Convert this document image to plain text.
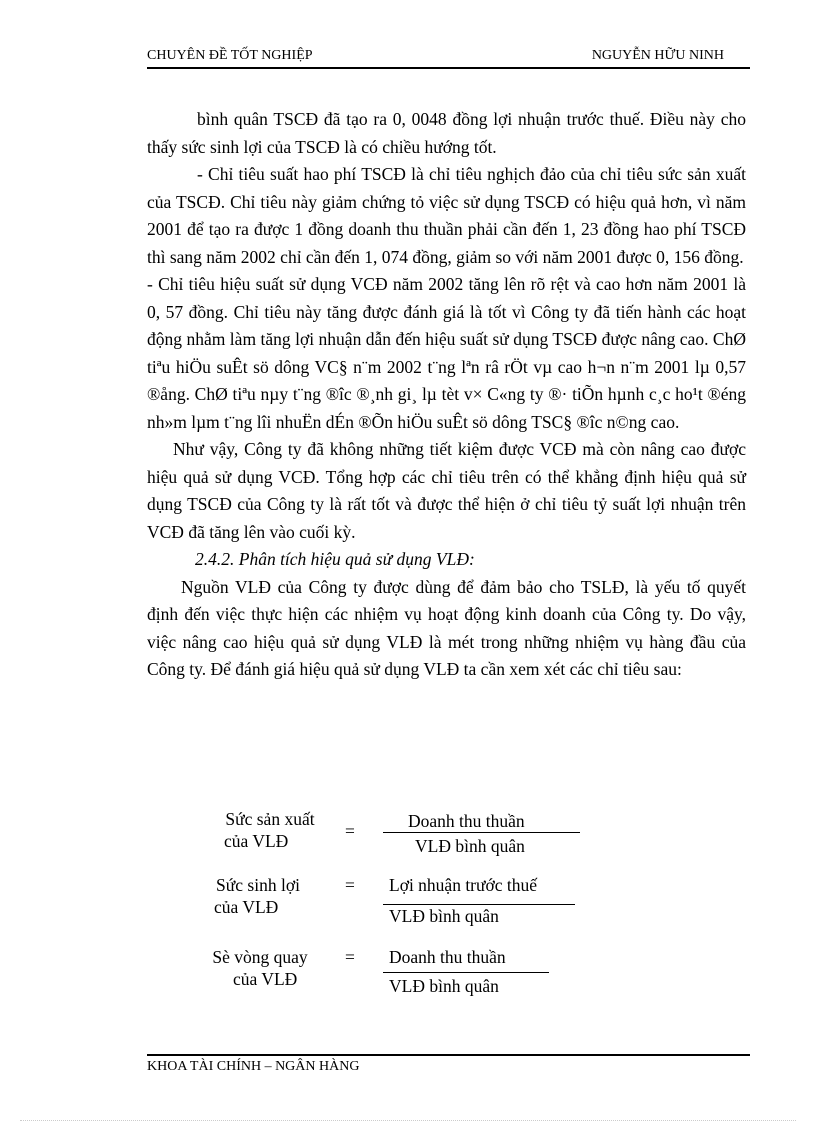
CHUYÊN ĐỀ TỐT NGHIỆP	NGUYỄN HỮU NINH

bình quân TSCĐ đã tạo ra 0, 0048 đồng lợi nhuận trước thuế. Điều này cho thấy sức sinh lợi của TSCĐ là có chiều hướng tốt.

- Chỉ tiêu suất hao phí TSCĐ là chỉ tiêu nghịch đảo của chỉ tiêu sức sản xuất của TSCĐ. Chỉ tiêu này giảm chứng tỏ việc sử dụng TSCĐ có hiệu quả hơn, vì năm 2001 để tạo ra được 1 đồng doanh thu thuần phải cần đến 1, 23 đồng hao phí TSCĐ thì sang năm 2002 chỉ cần đến 1, 074 đồng, giảm so với năm 2001 được 0, 156 đồng.

- Chỉ tiêu hiệu suất sử dụng VCĐ năm 2002 tăng lên rõ rệt và cao hơn năm 2001 là 0, 57 đồng. Chỉ tiêu này tăng được đánh giá là tốt vì Công ty đã tiến hành các hoạt động nhằm làm tăng lợi nhuận dẫn đến hiệu suất sử dụng TSCĐ được nâng cao. ChØ tiªu hiÖu suÊt sö dông VC§ n¨m 2002 t¨ng lªn râ rÖt vµ cao h¬n n¨m 2001 lµ 0,57 ®ång. ChØ tiªu nµy t¨ng ®îc ®¸nh gi¸ lµ tèt v× C«ng ty ®· tiÕn hµnh c¸c ho¹t ®éng nh»m lµm t¨ng lîi nhuËn dÉn ®Õn hiÖu suÊt sö dông TSC§ ®îc n©ng cao.

Như vậy, Công ty đã không những tiết kiệm được VCĐ mà còn nâng cao được hiệu quả sử dụng VCĐ. Tổng hợp các chỉ tiêu trên có thể khẳng định hiệu quả sử dụng TSCĐ của Công ty là rất tốt và được thể hiện ở chỉ tiêu tỷ suất lợi nhuận trên VCĐ đã tăng lên vào cuối kỳ.

2.4.2. Phân tích hiệu quả sử dụng VLĐ:

Nguồn VLĐ của Công ty được dùng để đảm bảo cho TSLĐ, là yếu tố quyết định đến việc thực hiện các nhiệm vụ hoạt động kinh doanh của Công ty. Do vậy, việc nâng cao hiệu quả sử dụng VLĐ là mét trong những nhiệm vụ hàng đầu của Công ty. Để đánh giá hiệu quả sử dụng VLĐ ta cần xem xét các chỉ tiêu sau:

Sức sản xuất
của VLĐ	=	Doanh thu thuần
VLĐ bình quân
Sức sinh lợi
của VLĐ
= Lợi nhuận trước thuế
VLĐ bình quân
Sè vòng quay
của VLĐ
= Doanh thu thuần
VLĐ bình quân
KHOA TÀI CHÍNH – NGÂN HÀNG
